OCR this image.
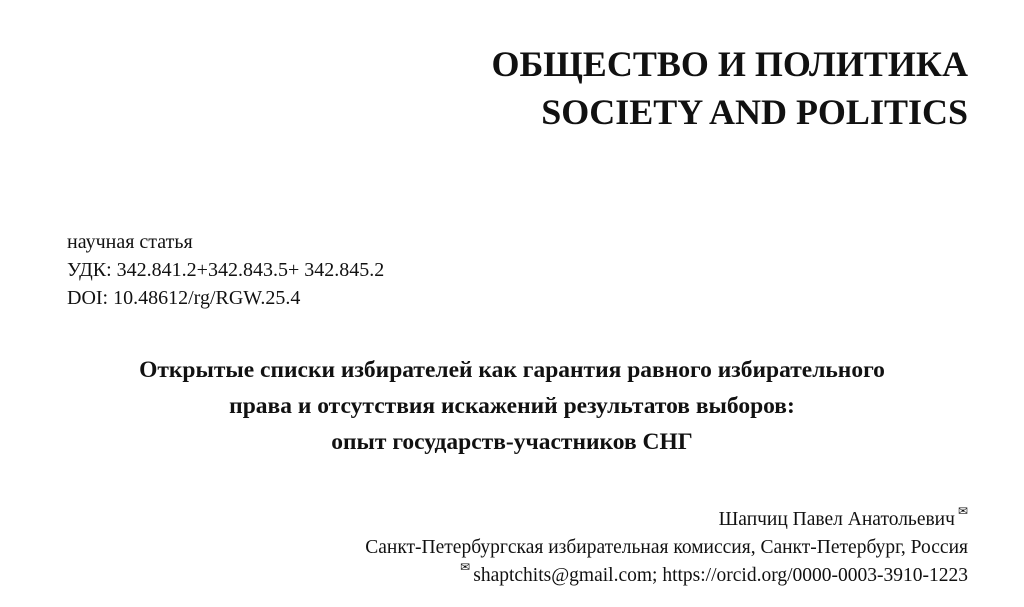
ОБЩЕСТВО И ПОЛИТИКА
SOCIETY AND POLITICS
научная статья
УДК: 342.841.2+342.843.5+ 342.845.2
DOI: 10.48612/rg/RGW.25.4
Открытые списки избирателей как гарантия равного избирательного
права и отсутствия искажений результатов выборов:
опыт государств-участников СНГ
Шапчиц Павел Анатольевич ✉
Санкт-Петербургская избирательная комиссия, Санкт-Петербург, Россия
✉ shaptchits@gmail.com; https://orcid.org/0000-0003-3910-1223
